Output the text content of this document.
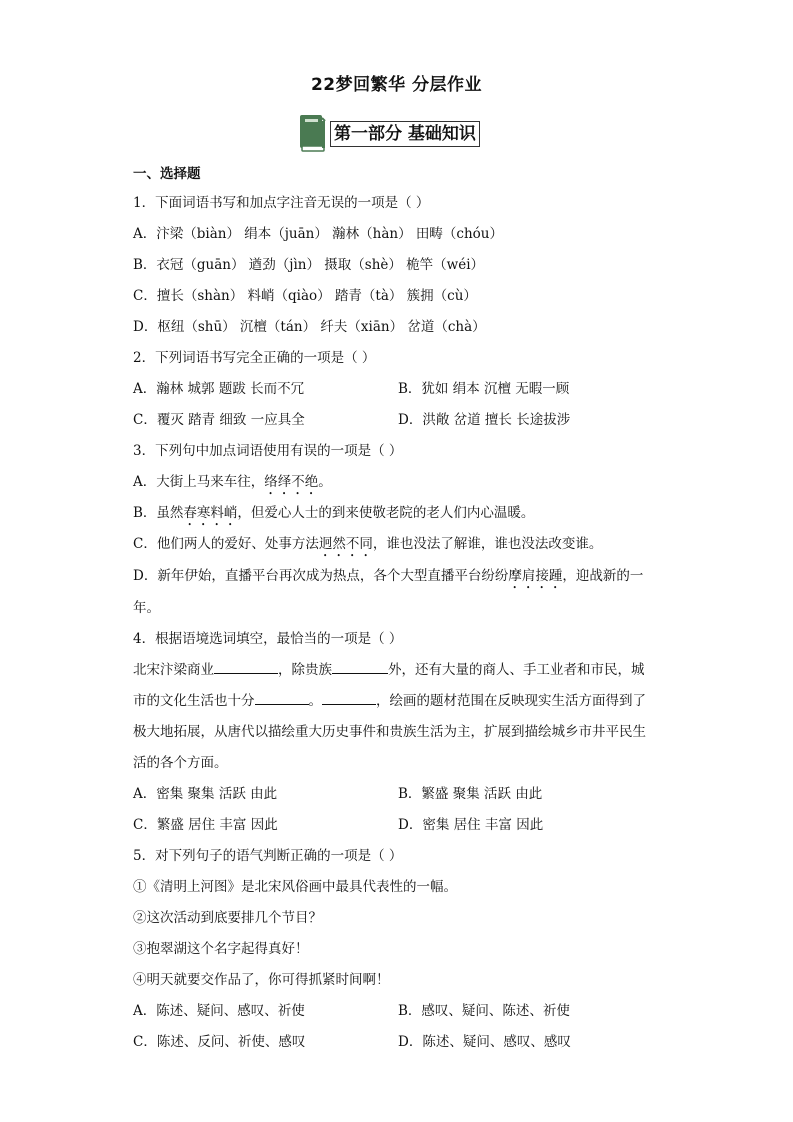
22梦回繁华 分层作业
第一部分 基础知识
一、选择题
1．下面词语书写和加点字注音无误的一项是（ ）
A．汴梁（biàn） 绢本（juān） 瀚林（hàn） 田畴（chóu）
B．衣冠（guān） 遒劲（jìn） 摄取（shè） 桅竿（wéi）
C．擅长（shàn） 料峭（qiào） 踏青（tà） 簇拥（cù）
D．枢纽（shū） 沉檀（tán） 纤夫（xiān） 岔道（chà）
2．下列词语书写完全正确的一项是（ ）
A．瀚林 城郭 题跋 长而不冗	B．犹如 绢本 沉檀 无暇一顾
C．覆灭 踏青 细致 一应具全	D．洪敞 岔道 擅长 长途拔涉
3．下列句中加点词语使用有误的一项是（ ）
A．大街上马来车往，络绎不绝。
B．虽然春寒料峭，但爱心人士的到来使敬老院的老人们内心温暖。
C．他们两人的爱好、处事方法迥然不同，谁也没法了解谁，谁也没法改变谁。
D．新年伊始，直播平台再次成为热点，各个大型直播平台纷纷摩肩接踵，迎战新的一
年。
4．根据语境选词填空，最恰当的一项是（ ）
北宋汴梁商业	，除贵族	外，还有大量的商人、手工业者和市民，城
市的文化生活也十分	。	，绘画的题材范围在反映现实生活方面得到了
极大地拓展，从唐代以描绘重大历史事件和贵族生活为主，扩展到描绘城乡市井平民生
活的各个方面。
A．密集 聚集 活跃 由此	B．繁盛 聚集 活跃 由此
C．繁盛 居住 丰富 因此	D．密集 居住 丰富 因此
5．对下列句子的语气判断正确的一项是（ ）
①《清明上河图》是北宋风俗画中最具代表性的一幅。
②这次活动到底要排几个节目？
③抱翠湖这个名字起得真好！
④明天就要交作品了，你可得抓紧时间啊！
A．陈述、疑问、感叹、祈使	B．感叹、疑问、陈述、祈使
C．陈述、反问、祈使、感叹	D．陈述、疑问、感叹、感叹
